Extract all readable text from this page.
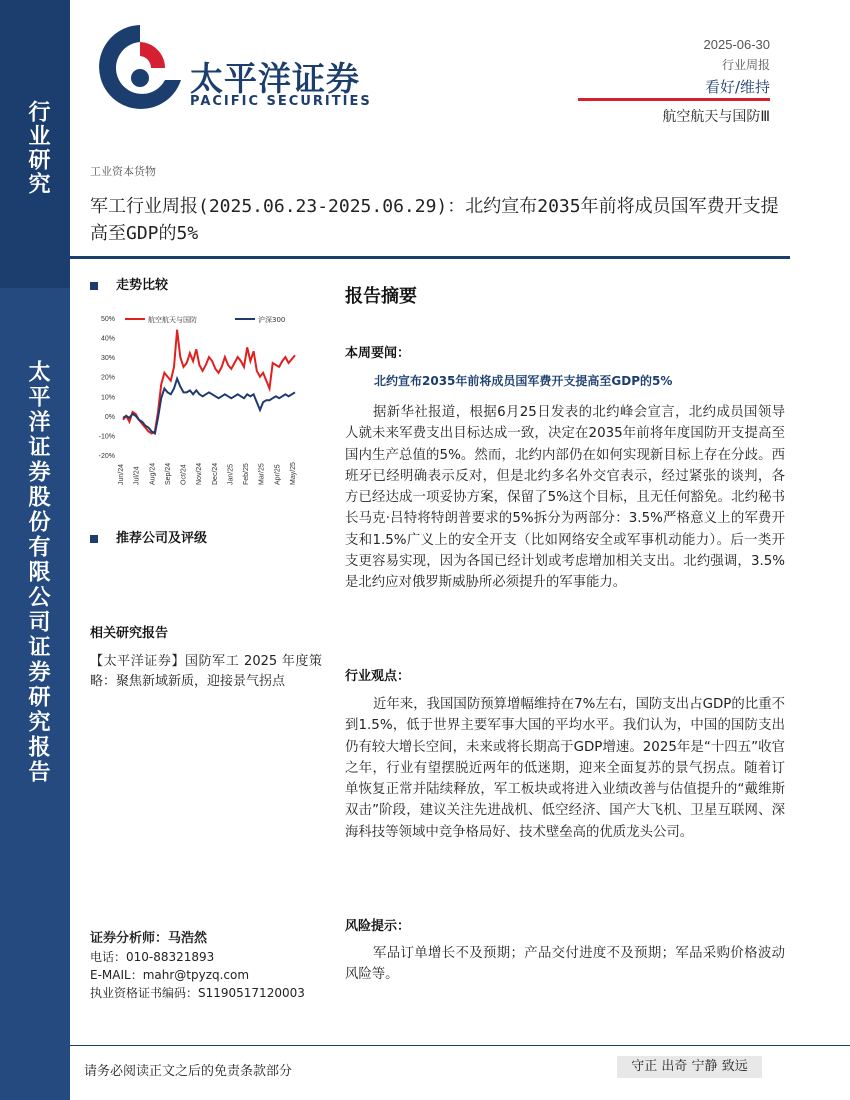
行业研究
太平洋证券股份有限公司证券研究报告
太平洋证券
PACIFIC SECURITIES
2025-06-30
行业周报
看好/维持
航空航天与国防Ⅲ
工业资本货物
军工行业周报(2025.06.23-2025.06.29)：北约宣布2035年前将成员国军费开支提高至GDP的5%
走势比较
50%
40%
30%
20%
10%
0%
-10%
-20%
Jun/24 Jul/24 Aug/24 Sep/24 Oct/24 Nov/24 Dec/24 Jan/25 Feb/25 Mar/25 Apr/25 May/25
航空航天与国防	沪深300
推荐公司及评级
相关研究报告
【太平洋证券】国防军工 2025 年度策略：聚焦新域新质，迎接景气拐点
证券分析师：马浩然
电话：010-88321893
E-MAIL：mahr@tpyzq.com
执业资格证书编码：S1190517120003
报告摘要
本周要闻：
北约宣布2035年前将成员国军费开支提高至GDP的5%
据新华社报道，根据6月25日发表的北约峰会宣言，北约成员国领导人就未来军费支出目标达成一致，决定在2035年前将年度国防开支提高至国内生产总值的5%。然而，北约内部仍在如何实现新目标上存在分歧。西班牙已经明确表示反对，但是北约多名外交官表示，经过紧张的谈判，各方已经达成一项妥协方案，保留了5%这个目标，且无任何豁免。北约秘书长马克·吕特将特朗普要求的5%拆分为两部分：3.5%严格意义上的军费开支和1.5%广义上的安全开支（比如网络安全或军事机动能力）。后一类开支更容易实现，因为各国已经计划或考虑增加相关支出。北约强调，3.5%是北约应对俄罗斯威胁所必须提升的军事能力。
行业观点：
近年来，我国国防预算增幅维持在7%左右，国防支出占GDP的比重不到1.5%，低于世界主要军事大国的平均水平。我们认为，中国的国防支出仍有较大增长空间，未来或将长期高于GDP增速。2025年是“十四五”收官之年，行业有望摆脱近两年的低迷期，迎来全面复苏的景气拐点。随着订单恢复正常并陆续释放，军工板块或将进入业绩改善与估值提升的“戴维斯双击”阶段，建议关注先进战机、低空经济、国产大飞机、卫星互联网、深海科技等领域中竞争格局好、技术壁垒高的优质龙头公司。
风险提示：
军品订单增长不及预期；产品交付进度不及预期；军品采购价格波动风险等。
请务必阅读正文之后的免责条款部分	守正 出奇 宁静 致远
